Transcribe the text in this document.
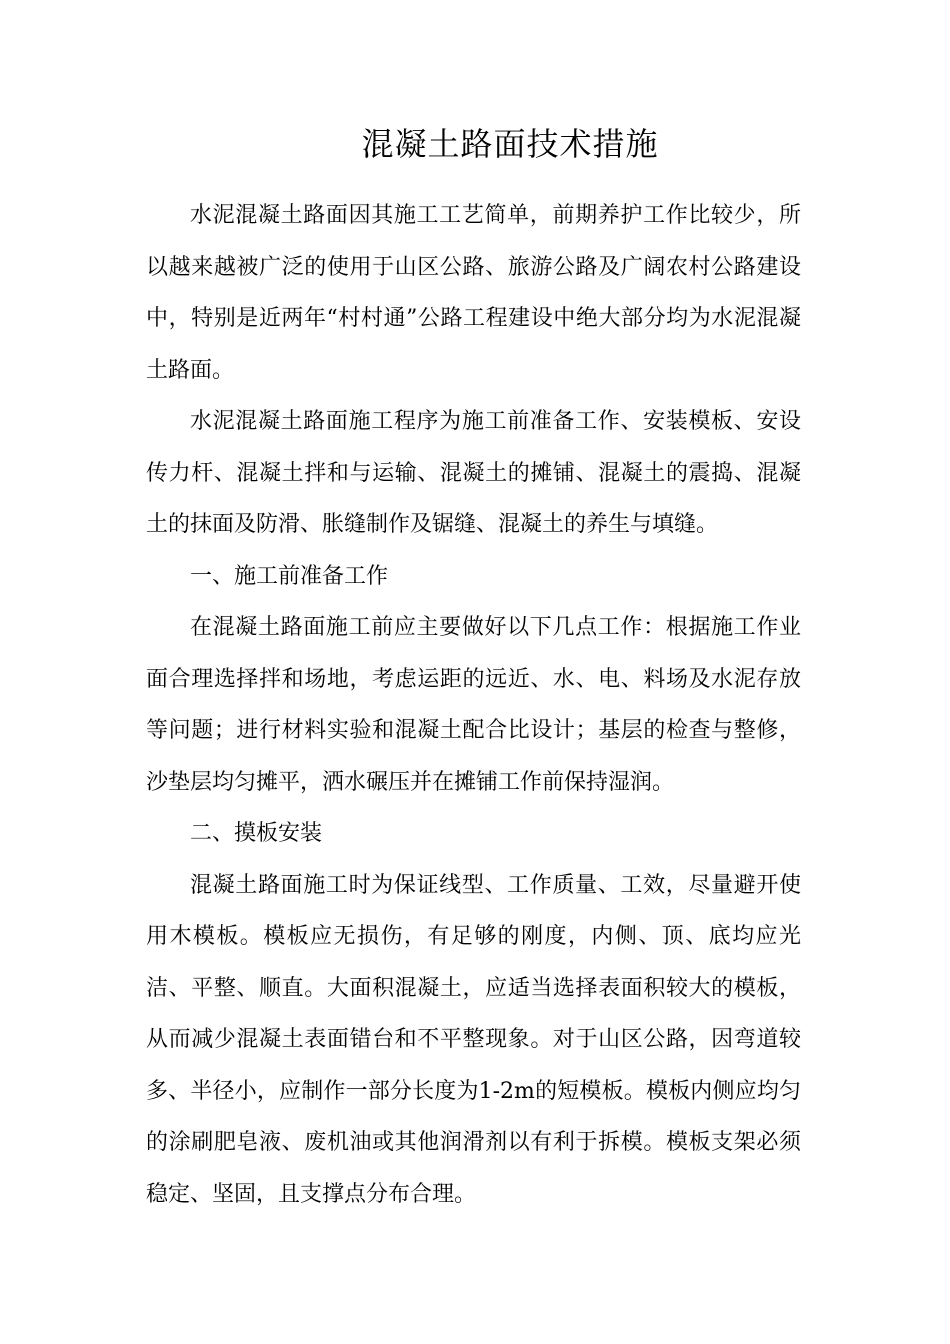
混凝土路面技术措施

水泥混凝土路面因其施工工艺简单，前期养护工作比较少，所以越来越被广泛的使用于山区公路、旅游公路及广阔农村公路建设中，特别是近两年“村村通”公路工程建设中绝大部分均为水泥混凝土路面。

水泥混凝土路面施工程序为施工前准备工作、安装模板、安设传力杆、混凝土拌和与运输、混凝土的摊铺、混凝土的震捣、混凝土的抹面及防滑、胀缝制作及锯缝、混凝土的养生与填缝。

一、施工前准备工作

在混凝土路面施工前应主要做好以下几点工作：根据施工作业面合理选择拌和场地，考虑运距的远近、水、电、料场及水泥存放等问题；进行材料实验和混凝土配合比设计；基层的检查与整修，沙垫层均匀摊平，洒水碾压并在摊铺工作前保持湿润。

二、摸板安装

混凝土路面施工时为保证线型、工作质量、工效，尽量避开使用木模板。模板应无损伤，有足够的刚度，内侧、顶、底均应光洁、平整、顺直。大面积混凝土，应适当选择表面积较大的模板，从而减少混凝土表面错台和不平整现象。对于山区公路，因弯道较多、半径小，应制作一部分长度为1-2m的短模板。模板内侧应均匀的涂刷肥皂液、废机油或其他润滑剂以有利于拆模。模板支架必须稳定、坚固，且支撑点分布合理。
